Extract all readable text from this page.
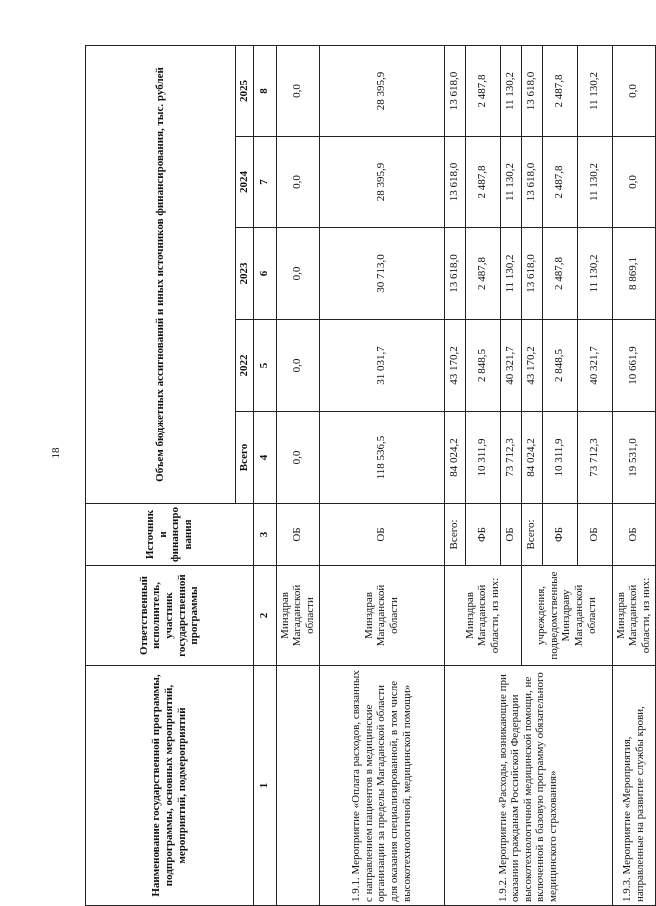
18
Наименование государственной программы, подпрограммы, основных мероприятий, мероприятий, подмероприятий	Ответственный исполнитель, участник государственной программы	Источник и финансиро вания	Объем бюджетных ассигнований и иных источников финансирования, тыс. рублей				
			Всего	2022	2023	2024	2025
1	2	3	4	5	6	7	8
	Минздрав Магаданской области	ОБ	0,0	0,0	0,0	0,0	0,0
1.9.1. Мероприятие «Оплата расходов, связанных с направлением пациентов в медицинские организации за пределы Магаданской области для оказания специализированной, в том числе высокотехнологичной, медицинской помощи»	Минздрав Магаданской области	ОБ	118 536,5	31 031,7	30 713,0	28 395,9	28 395,9
1.9.2. Мероприятие «Расходы, возникающие при оказании гражданам Российской Федерации высокотехнологичной медицинской помощи, не включенной в базовую программу обязательного медицинского страхования»	Минздрав Магаданской области, из них:	Всего:	84 024,2	43 170,2	13 618,0	13 618,0	13 618,0
		ФБ	10 311,9	2 848,5	2 487,8	2 487,8	2 487,8
		ОБ	73 712,3	40 321,7	11 130,2	11 130,2	11 130,2
	учреждения, подведомственные Минздраву Магаданской области	Всего:	84 024,2	43 170,2	13 618,0	13 618,0	13 618,0
		ФБ	10 311,9	2 848,5	2 487,8	2 487,8	2 487,8
		ОБ	73 712,3	40 321,7	11 130,2	11 130,2	11 130,2
1.9.3. Мероприятие «Мероприятия, направленные на развитие службы крови,	Минздрав Магаданской области, из них:	ОБ	19 531,0	10 661,9	8 869,1	0,0	0,0
